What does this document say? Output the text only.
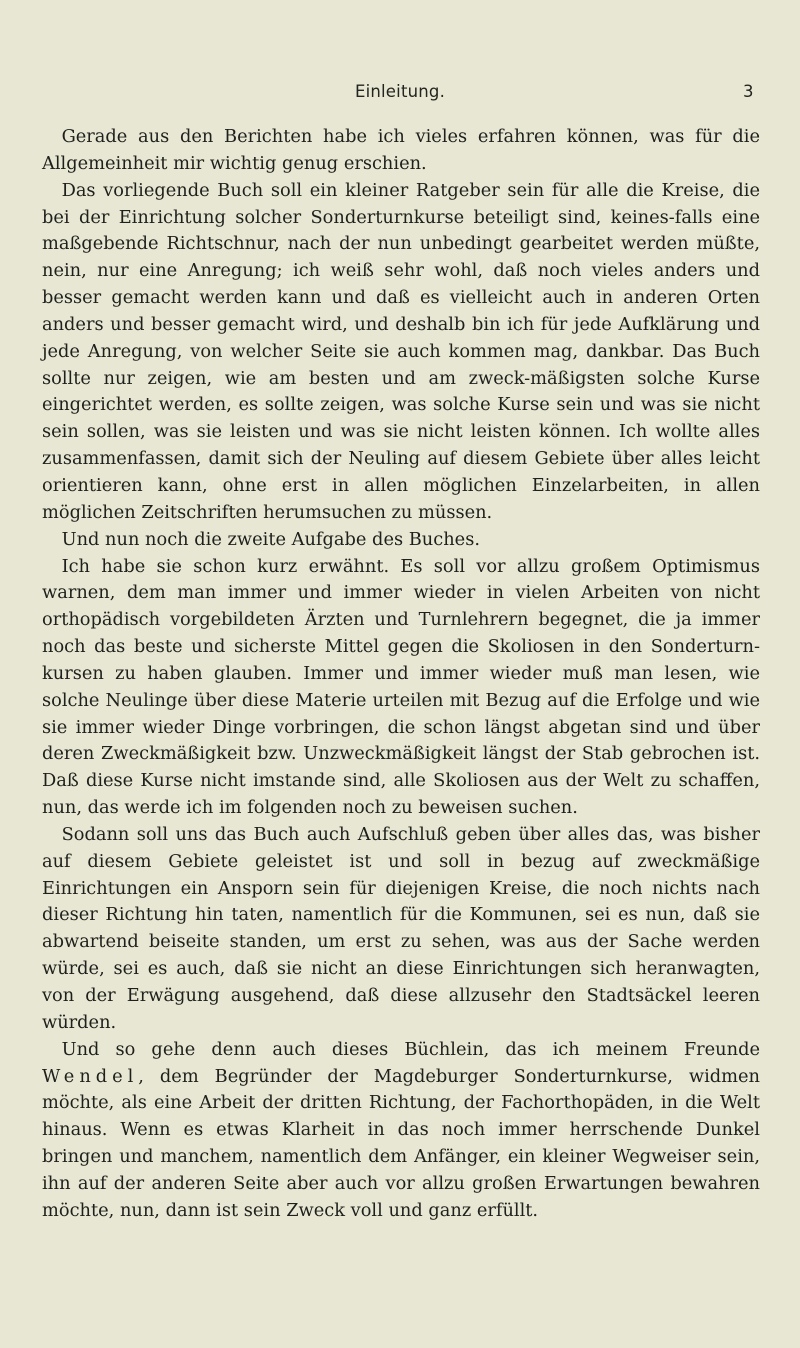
Einleitung.	3

Gerade aus den Berichten habe ich vieles erfahren können, was für die Allgemeinheit mir wichtig genug erschien.

Das vorliegende Buch soll ein kleiner Ratgeber sein für alle die Kreise, die bei der Einrichtung solcher Sonderturnkurse beteiligt sind, keines-falls eine maßgebende Richtschnur, nach der nun unbedingt gearbeitet werden müßte, nein, nur eine Anregung; ich weiß sehr wohl, daß noch vieles anders und besser gemacht werden kann und daß es vielleicht auch in anderen Orten anders und besser gemacht wird, und deshalb bin ich für jede Aufklärung und jede Anregung, von welcher Seite sie auch kommen mag, dankbar. Das Buch sollte nur zeigen, wie am besten und am zweck-mäßigsten solche Kurse eingerichtet werden, es sollte zeigen, was solche Kurse sein und was sie nicht sein sollen, was sie leisten und was sie nicht leisten können. Ich wollte alles zusammenfassen, damit sich der Neuling auf diesem Gebiete über alles leicht orientieren kann, ohne erst in allen möglichen Einzelarbeiten, in allen möglichen Zeitschriften herumsuchen zu müssen.

Und nun noch die zweite Aufgabe des Buches.

Ich habe sie schon kurz erwähnt. Es soll vor allzu großem Optimismus warnen, dem man immer und immer wieder in vielen Arbeiten von nicht orthopädisch vorgebildeten Ärzten und Turnlehrern begegnet, die ja immer noch das beste und sicherste Mittel gegen die Skoliosen in den Sonderturn-kursen zu haben glauben. Immer und immer wieder muß man lesen, wie solche Neulinge über diese Materie urteilen mit Bezug auf die Erfolge und wie sie immer wieder Dinge vorbringen, die schon längst abgetan sind und über deren Zweckmäßigkeit bzw. Unzweckmäßigkeit längst der Stab gebrochen ist. Daß diese Kurse nicht imstande sind, alle Skoliosen aus der Welt zu schaffen, nun, das werde ich im folgenden noch zu beweisen suchen.

Sodann soll uns das Buch auch Aufschluß geben über alles das, was bisher auf diesem Gebiete geleistet ist und soll in bezug auf zweckmäßige Einrichtungen ein Ansporn sein für diejenigen Kreise, die noch nichts nach dieser Richtung hin taten, namentlich für die Kommunen, sei es nun, daß sie abwartend beiseite standen, um erst zu sehen, was aus der Sache werden würde, sei es auch, daß sie nicht an diese Einrichtungen sich heranwagten, von der Erwägung ausgehend, daß diese allzusehr den Stadtsäckel leeren würden.

Und so gehe denn auch dieses Büchlein, das ich meinem Freunde Wendel, dem Begründer der Magdeburger Sonderturnkurse, widmen möchte, als eine Arbeit der dritten Richtung, der Fachorthopäden, in die Welt hinaus. Wenn es etwas Klarheit in das noch immer herrschende Dunkel bringen und manchem, namentlich dem Anfänger, ein kleiner Wegweiser sein, ihn auf der anderen Seite aber auch vor allzu großen Erwartungen bewahren möchte, nun, dann ist sein Zweck voll und ganz erfüllt.
